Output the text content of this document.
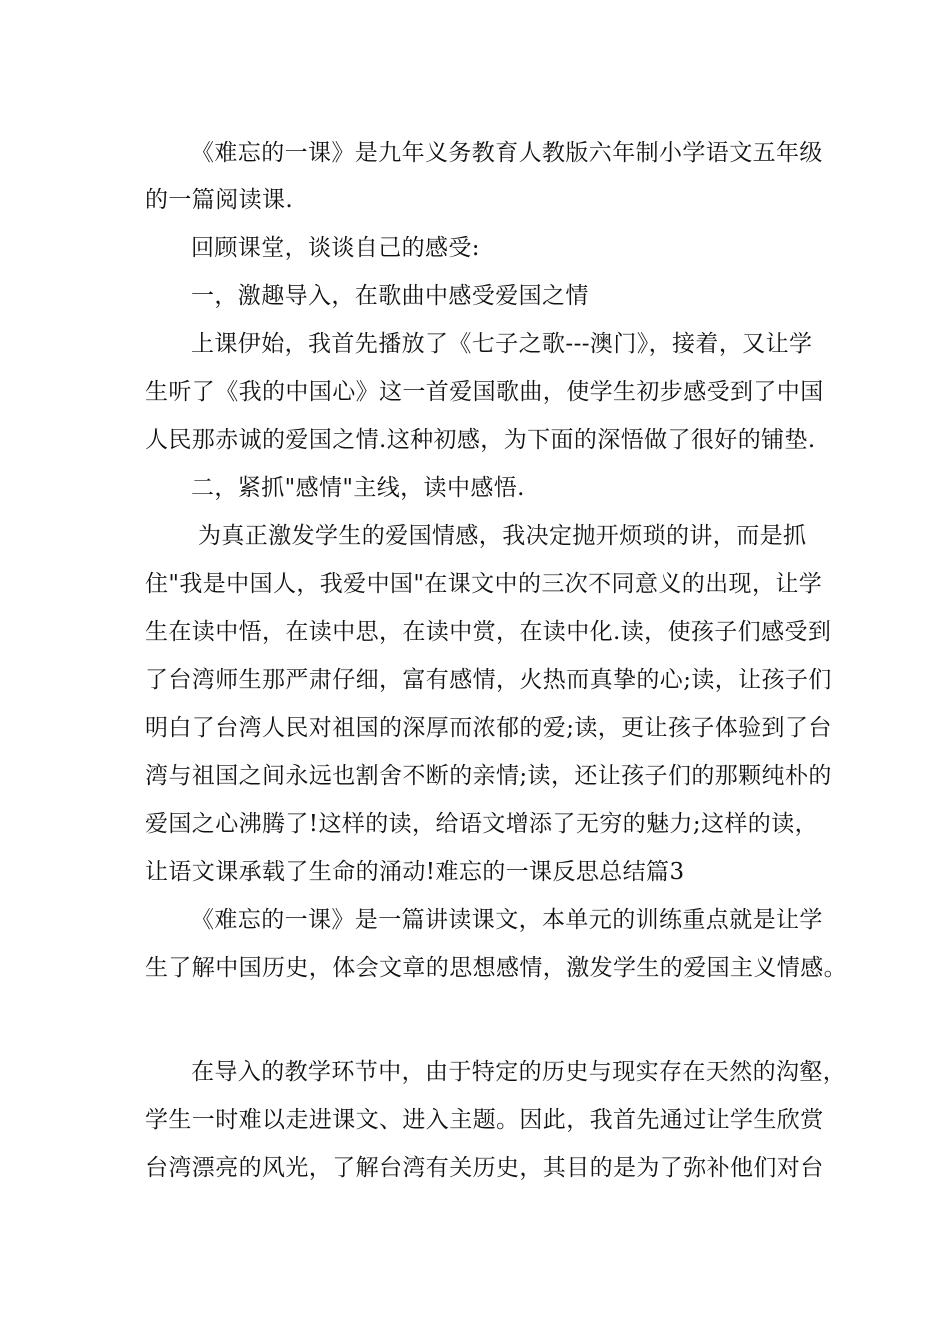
《难忘的一课》是九年义务教育人教版六年制小学语文五年级
的一篇阅读课.
回顾课堂，谈谈自己的感受:
一，激趣导入，在歌曲中感受爱国之情
上课伊始，我首先播放了《七子之歌---澳门》，接着，又让学
生听了《我的中国心》这一首爱国歌曲，使学生初步感受到了中国
人民那赤诚的爱国之情.这种初感，为下面的深悟做了很好的铺垫.
二，紧抓"感情"主线，读中感悟.
为真正激发学生的爱国情感，我决定抛开烦琐的讲，而是抓
住"我是中国人，我爱中国"在课文中的三次不同意义的出现，让学
生在读中悟，在读中思，在读中赏，在读中化.读，使孩子们感受到
了台湾师生那严肃仔细，富有感情，火热而真挚的心;读，让孩子们
明白了台湾人民对祖国的深厚而浓郁的爱;读，更让孩子体验到了台
湾与祖国之间永远也割舍不断的亲情;读，还让孩子们的那颗纯朴的
爱国之心沸腾了!这样的读，给语文增添了无穷的魅力;这样的读，
让语文课承载了生命的涌动!难忘的一课反思总结篇3
《难忘的一课》是一篇讲读课文，本单元的训练重点就是让学
生了解中国历史，体会文章的思想感情，激发学生的爱国主义情感。
在导入的教学环节中，由于特定的历史与现实存在天然的沟壑，
学生一时难以走进课文、进入主题。因此，我首先通过让学生欣赏
台湾漂亮的风光，了解台湾有关历史，其目的是为了弥补他们对台
